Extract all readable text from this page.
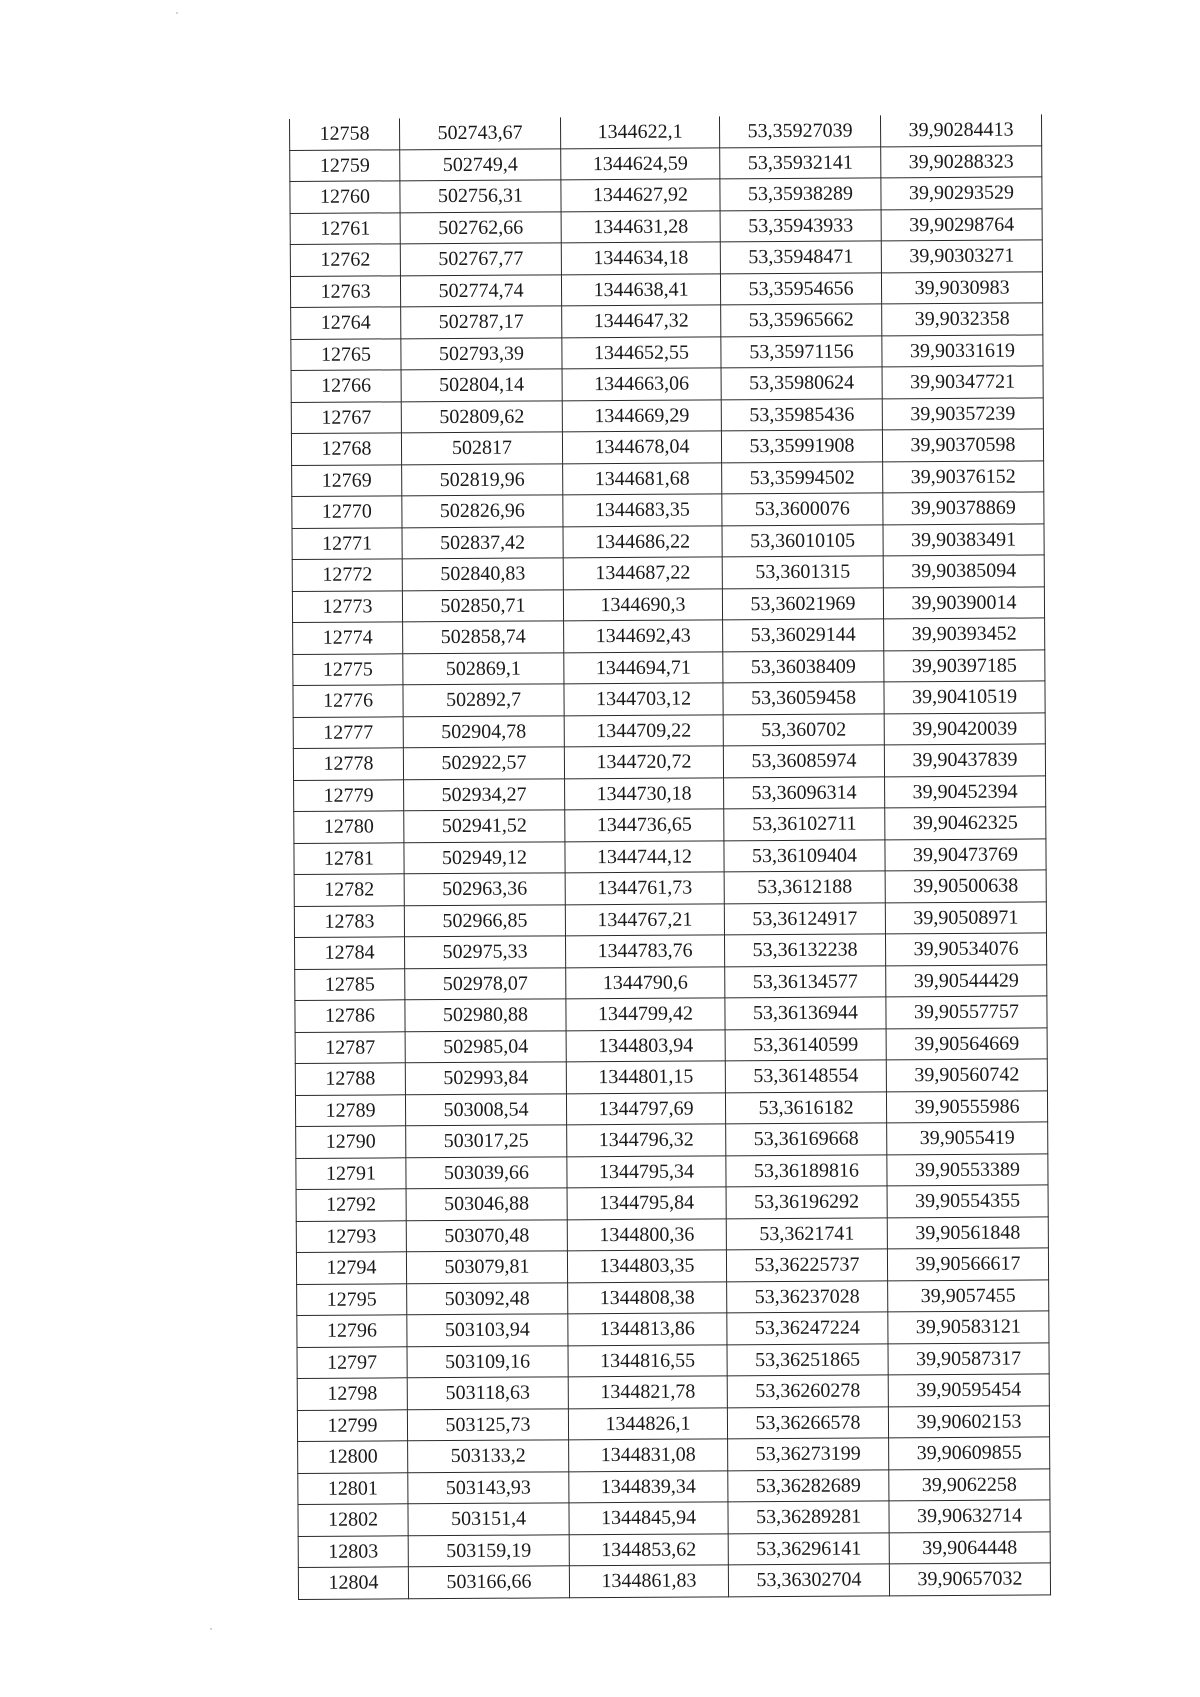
12758	502743,67	1344622,1	53,35927039	39,90284413
12759	502749,4	1344624,59	53,35932141	39,90288323
12760	502756,31	1344627,92	53,35938289	39,90293529
12761	502762,66	1344631,28	53,35943933	39,90298764
12762	502767,77	1344634,18	53,35948471	39,90303271
12763	502774,74	1344638,41	53,35954656	39,9030983
12764	502787,17	1344647,32	53,35965662	39,9032358
12765	502793,39	1344652,55	53,35971156	39,90331619
12766	502804,14	1344663,06	53,35980624	39,90347721
12767	502809,62	1344669,29	53,35985436	39,90357239
12768	502817	1344678,04	53,35991908	39,90370598
12769	502819,96	1344681,68	53,35994502	39,90376152
12770	502826,96	1344683,35	53,3600076	39,90378869
12771	502837,42	1344686,22	53,36010105	39,90383491
12772	502840,83	1344687,22	53,3601315	39,90385094
12773	502850,71	1344690,3	53,36021969	39,90390014
12774	502858,74	1344692,43	53,36029144	39,90393452
12775	502869,1	1344694,71	53,36038409	39,90397185
12776	502892,7	1344703,12	53,36059458	39,90410519
12777	502904,78	1344709,22	53,360702	39,90420039
12778	502922,57	1344720,72	53,36085974	39,90437839
12779	502934,27	1344730,18	53,36096314	39,90452394
12780	502941,52	1344736,65	53,36102711	39,90462325
12781	502949,12	1344744,12	53,36109404	39,90473769
12782	502963,36	1344761,73	53,3612188	39,90500638
12783	502966,85	1344767,21	53,36124917	39,90508971
12784	502975,33	1344783,76	53,36132238	39,90534076
12785	502978,07	1344790,6	53,36134577	39,90544429
12786	502980,88	1344799,42	53,36136944	39,90557757
12787	502985,04	1344803,94	53,36140599	39,90564669
12788	502993,84	1344801,15	53,36148554	39,90560742
12789	503008,54	1344797,69	53,3616182	39,90555986
12790	503017,25	1344796,32	53,36169668	39,9055419
12791	503039,66	1344795,34	53,36189816	39,90553389
12792	503046,88	1344795,84	53,36196292	39,90554355
12793	503070,48	1344800,36	53,3621741	39,90561848
12794	503079,81	1344803,35	53,36225737	39,90566617
12795	503092,48	1344808,38	53,36237028	39,9057455
12796	503103,94	1344813,86	53,36247224	39,90583121
12797	503109,16	1344816,55	53,36251865	39,90587317
12798	503118,63	1344821,78	53,36260278	39,90595454
12799	503125,73	1344826,1	53,36266578	39,90602153
12800	503133,2	1344831,08	53,36273199	39,90609855
12801	503143,93	1344839,34	53,36282689	39,9062258
12802	503151,4	1344845,94	53,36289281	39,90632714
12803	503159,19	1344853,62	53,36296141	39,9064448
12804	503166,66	1344861,83	53,36302704	39,90657032
